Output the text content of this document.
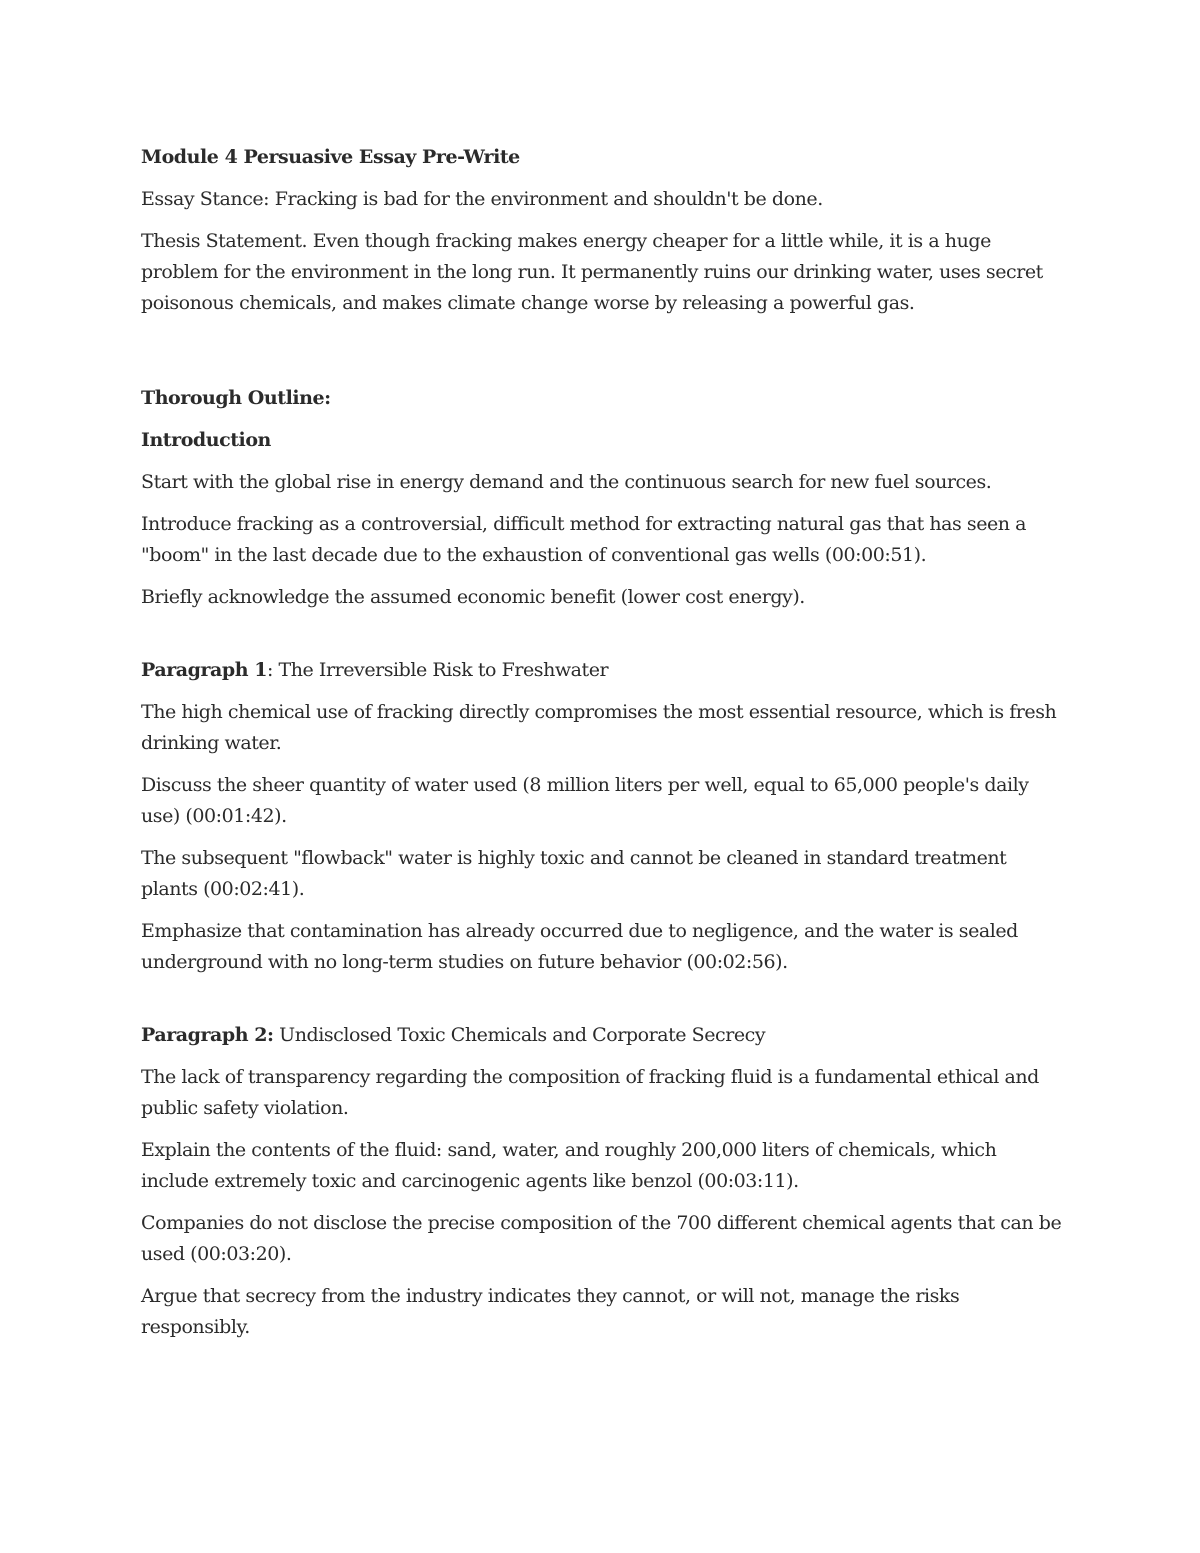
Module 4 Persuasive Essay Pre-Write

Essay Stance: Fracking is bad for the environment and shouldn't be done.

Thesis Statement. Even though fracking makes energy cheaper for a little while, it is a huge problem for the environment in the long run. It permanently ruins our drinking water, uses secret poisonous chemicals, and makes climate change worse by releasing a powerful gas.

Thorough Outline:

Introduction

Start with the global rise in energy demand and the continuous search for new fuel sources.

Introduce fracking as a controversial, difficult method for extracting natural gas that has seen a "boom" in the last decade due to the exhaustion of conventional gas wells (00:00:51).

Briefly acknowledge the assumed economic benefit (lower cost energy).

Paragraph 1: The Irreversible Risk to Freshwater

The high chemical use of fracking directly compromises the most essential resource, which is fresh drinking water.

Discuss the sheer quantity of water used (8 million liters per well, equal to 65,000 people's daily use) (00:01:42).

The subsequent "flowback" water is highly toxic and cannot be cleaned in standard treatment plants (00:02:41).

Emphasize that contamination has already occurred due to negligence, and the water is sealed underground with no long-term studies on future behavior (00:02:56).

Paragraph 2: Undisclosed Toxic Chemicals and Corporate Secrecy

The lack of transparency regarding the composition of fracking fluid is a fundamental ethical and public safety violation.

Explain the contents of the fluid: sand, water, and roughly 200,000 liters of chemicals, which include extremely toxic and carcinogenic agents like benzol (00:03:11).

Companies do not disclose the precise composition of the 700 different chemical agents that can be used (00:03:20).

Argue that secrecy from the industry indicates they cannot, or will not, manage the risks responsibly.
